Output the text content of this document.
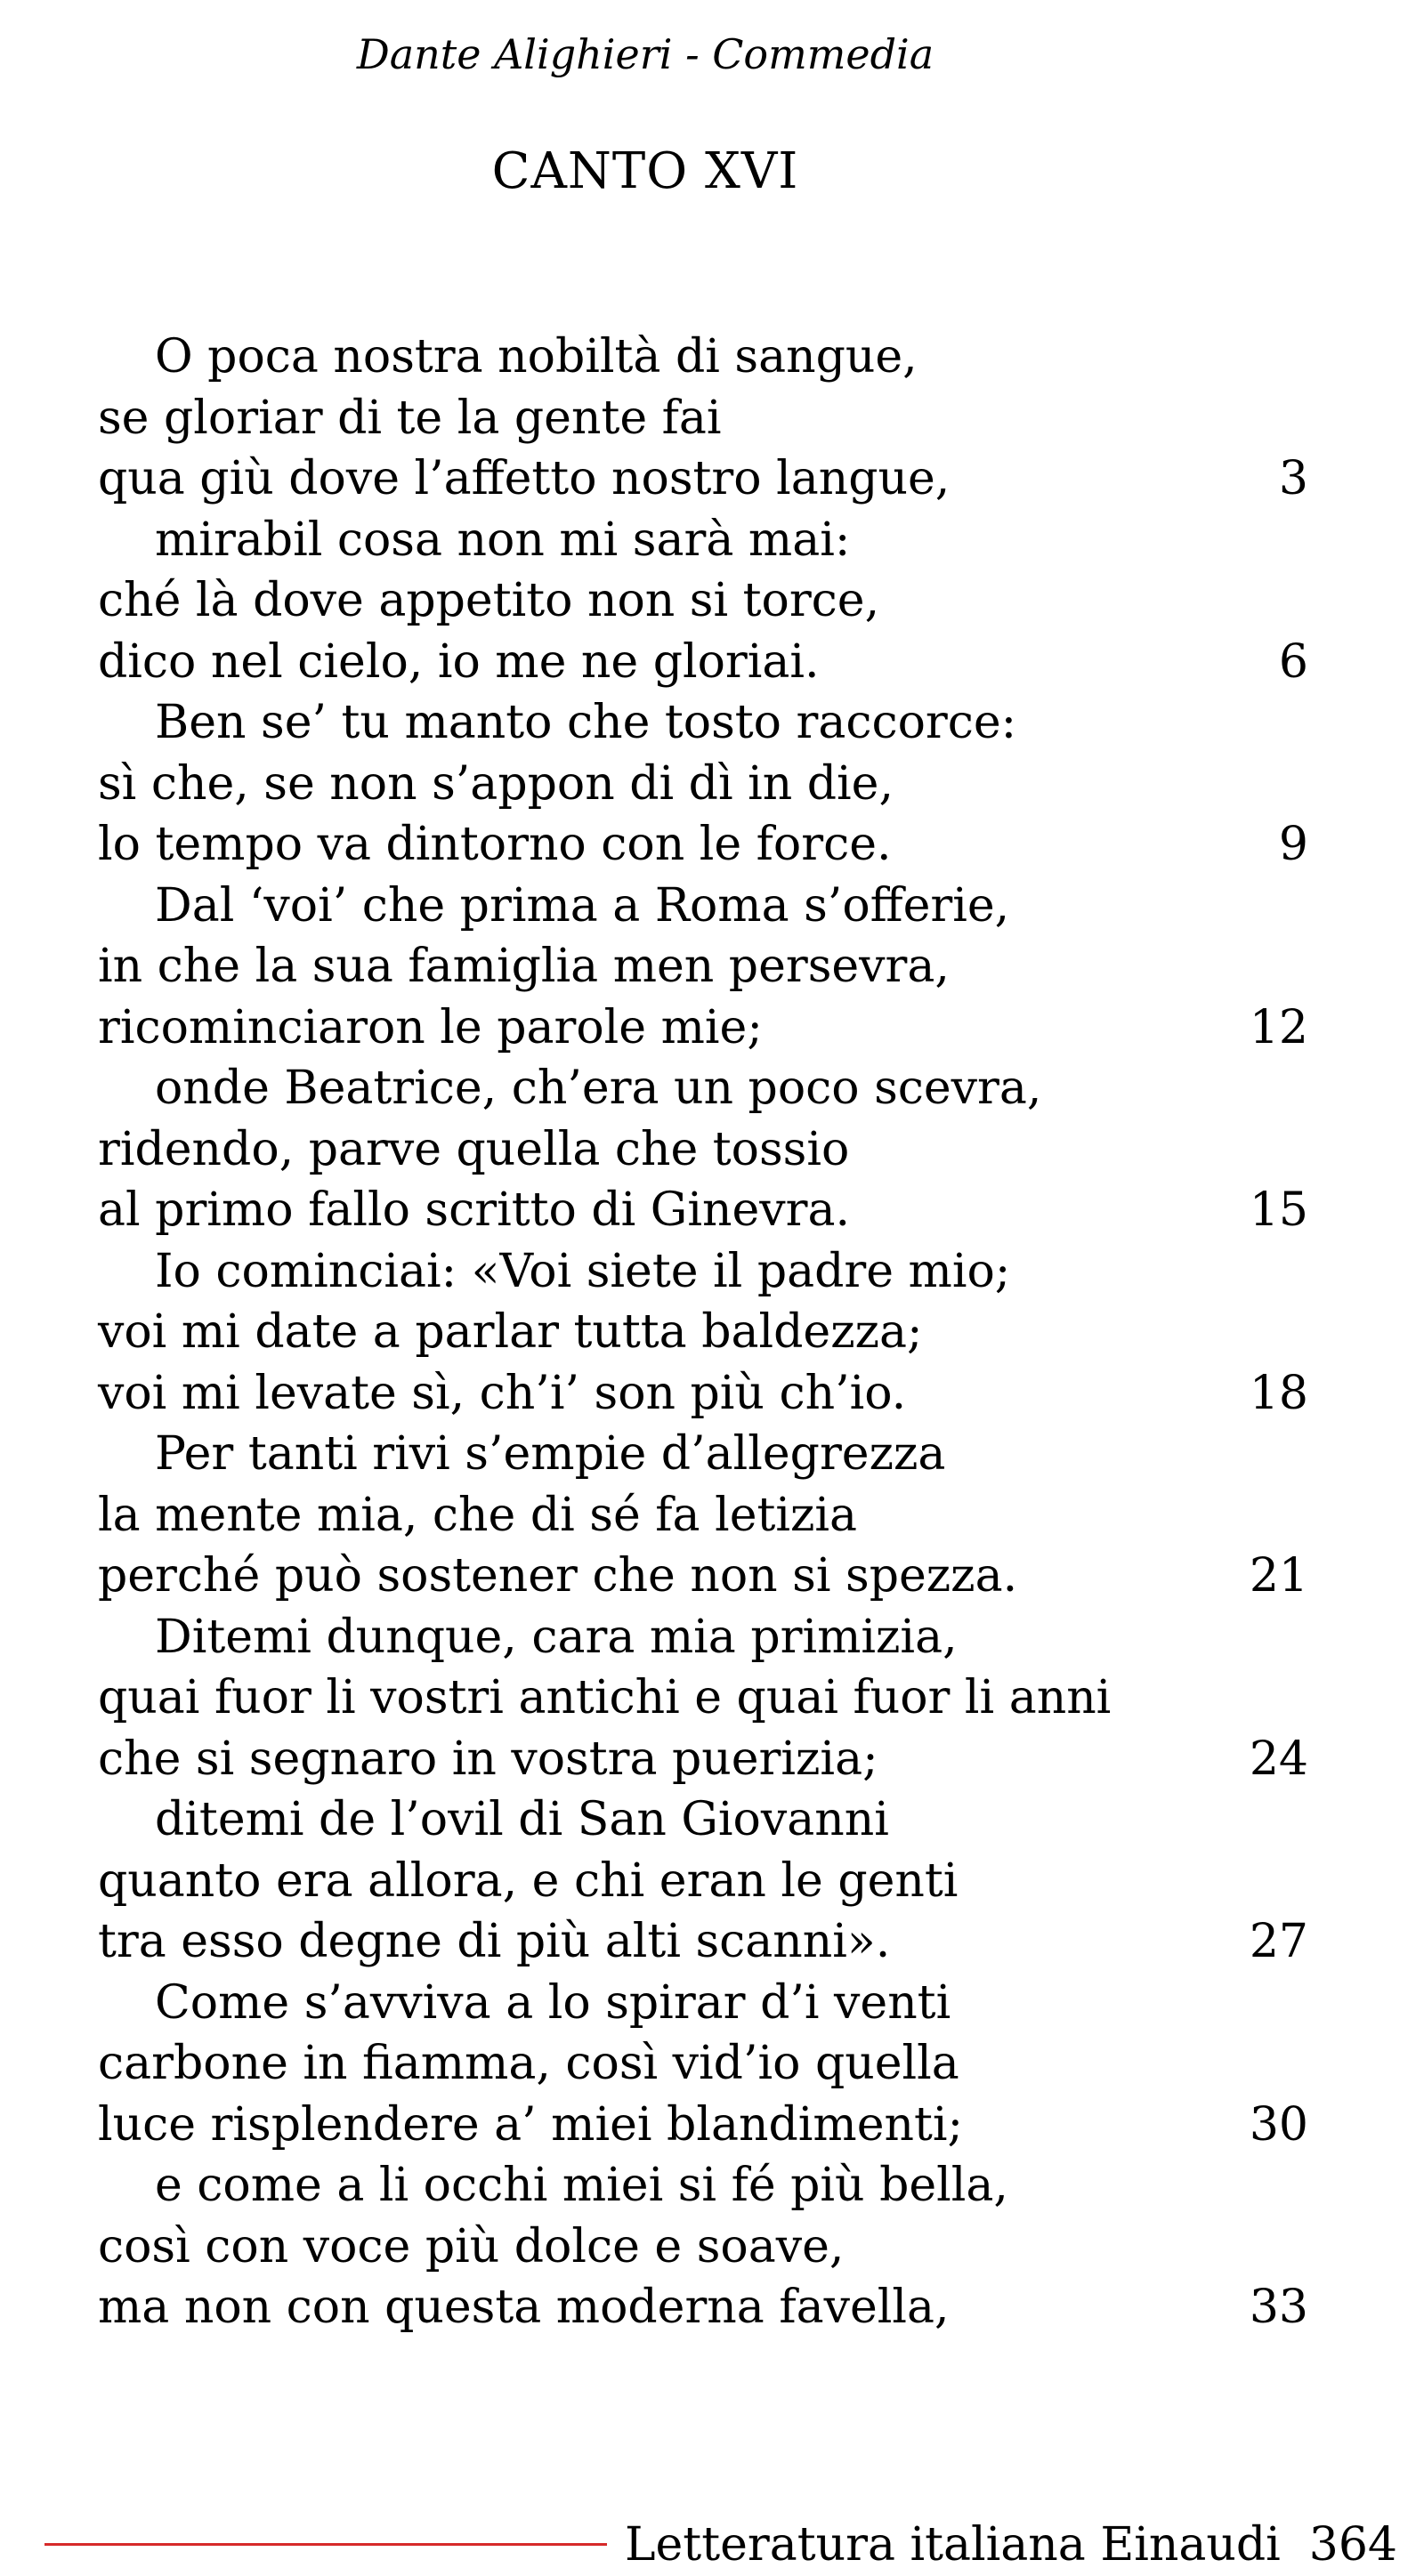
Dante Alighieri - Commedia
CANTO XVI
O poca nostra nobiltà di sangue,
se gloriar di te la gente fai
qua giù dove l’affetto nostro langue,	3
mirabil cosa non mi sarà mai:
ché là dove appetito non si torce,
dico nel cielo, io me ne gloriai.	6
Ben se’ tu manto che tosto raccorce:
sì che, se non s’appon di dì in die,
lo tempo va dintorno con le force.	9
Dal ‘voi’ che prima a Roma s’offerie,
in che la sua famiglia men persevra,
ricominciaron le parole mie;	12
onde Beatrice, ch’era un poco scevra,
ridendo, parve quella che tossio
al primo fallo scritto di Ginevra.	15
Io cominciai: «Voi siete il padre mio;
voi mi date a parlar tutta baldezza;
voi mi levate sì, ch’i’ son più ch’io.	18
Per tanti rivi s’empie d’allegrezza
la mente mia, che di sé fa letizia
perché può sostener che non si spezza.	21
Ditemi dunque, cara mia primizia,
quai fuor li vostri antichi e quai fuor li anni
che si segnaro in vostra puerizia;	24
ditemi de l’ovil di San Giovanni
quanto era allora, e chi eran le genti
tra esso degne di più alti scanni».	27
Come s’avviva a lo spirar d’i venti
carbone in fiamma, così vid’io quella
luce risplendere a’ miei blandimenti;	30
e come a li occhi miei si fé più bella,
così con voce più dolce e soave,
ma non con questa moderna favella,	33
Letteratura italiana Einaudi 364
